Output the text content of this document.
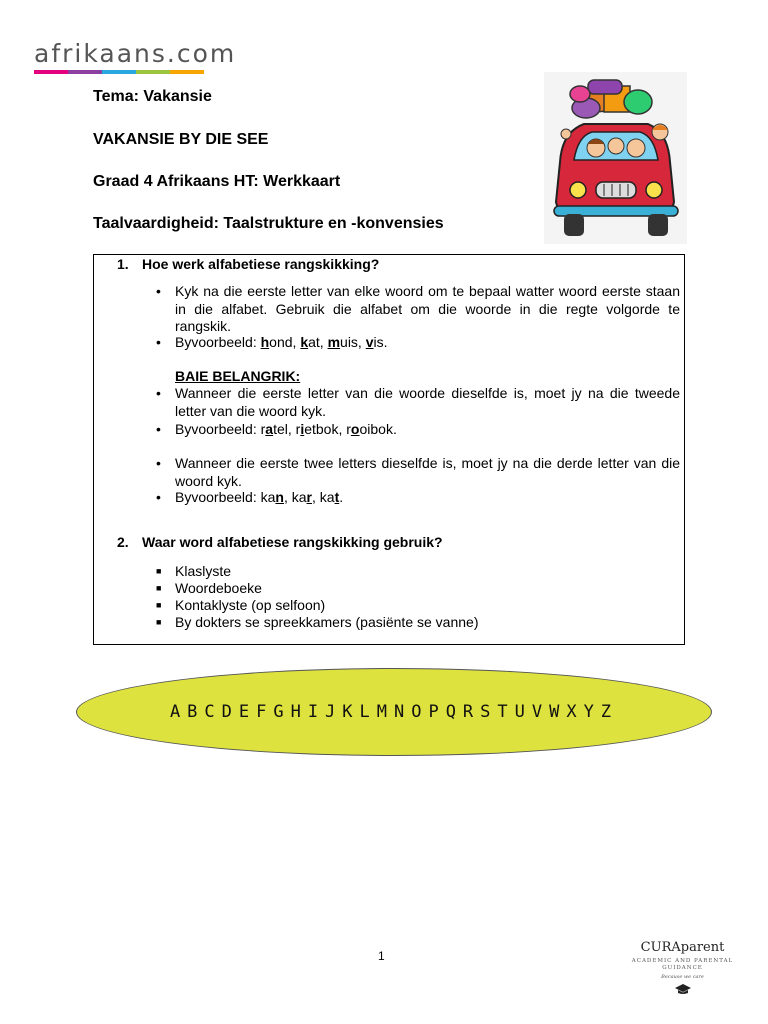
afrikaans.com
Tema: Vakansie
VAKANSIE BY DIE SEE
Graad 4 Afrikaans HT: Werkkaart
Taalvaardigheid: Taalstrukture en -konvensies
1. Hoe werk alfabetiese rangskikking?
• Kyk na die eerste letter van elke woord om te bepaal watter woord eerste staan in die alfabet. Gebruik die alfabet om die woorde in die regte volgorde te rangskik.
• Byvoorbeeld: hond, kat, muis, vis.
BAIE BELANGRIK:
• Wanneer die eerste letter van die woorde dieselfde is, moet jy na die tweede letter van die woord kyk.
• Byvoorbeeld: ratel, rietbok, rooibok.
• Wanneer die eerste twee letters dieselfde is, moet jy na die derde letter van die woord kyk.
• Byvoorbeeld: kan, kar, kat.
2. Waar word alfabetiese rangskikking gebruik?
■ Klaslyste
■ Woordeboeke
■ Kontaklyste (op selfoon)
■ By dokters se spreekkamers (pasiënte se vanne)
ABCDEFGHIJKLMNOPQRSTUVWXYZ
1
CURAparent
ACADEMIC AND PARENTAL GUIDANCE
Because we care
